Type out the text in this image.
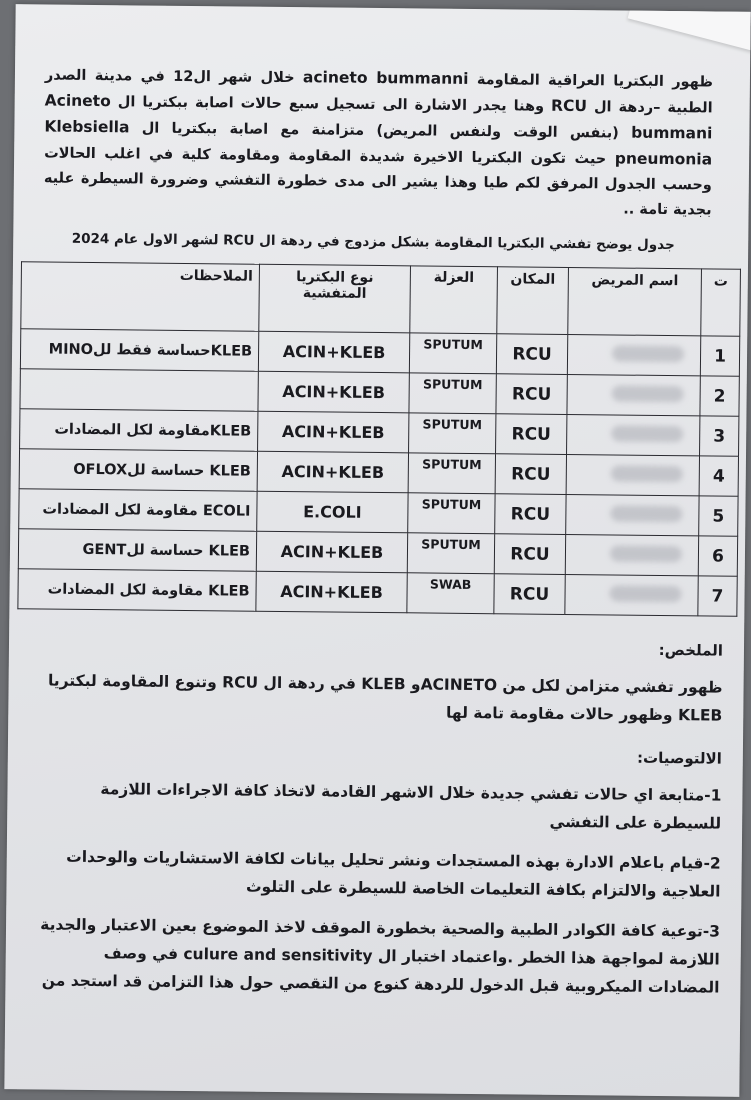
ظهور البكتريا العراقية المقاومة acineto bummanni خلال شهر ال12 في مدينة الصدر الطبية –ردهة ال RCU وهنا يجدر الاشارة الى تسجيل سبع حالات اصابة ببكتريا ال Acineto bummani (بنفس الوقت ولنفس المريض) متزامنة مع اصابة ببكتريا ال Klebsiella pneumonia حيث تكون البكتريا الاخيرة شديدة المقاومة ومقاومة كلية في اغلب الحالات وحسب الجدول المرفق لكم طيا وهذا يشير الى مدى خطورة التفشي وضرورة السيطرة عليه بجدية تامة ..

جدول يوضح تفشي البكتريا المقاومة بشكل مزدوج في ردهة ال RCU لشهر الاول عام 2024
ت	اسم المريض	المكان	العزلة	نوع البكتريا المتفشية	الملاحظات
1		RCU	SPUTUM	ACIN+KLEB	KLEBحساسة فقط للMINO
2		RCU	SPUTUM	ACIN+KLEB	
3		RCU	SPUTUM	ACIN+KLEB	KLEBمقاومة لكل المضادات
4		RCU	SPUTUM	ACIN+KLEB	KLEB حساسة للOFLOX
5		RCU	SPUTUM	E.COLI	ECOLI مقاومة لكل المضادات
6		RCU	SPUTUM	ACIN+KLEB	KLEB حساسة للGENT
7		RCU	SWAB	ACIN+KLEB	KLEB مقاومة لكل المضادات
الملخص:

ظهور تفشي متزامن لكل من ACINETOو KLEB في ردهة ال RCU وتنوع المقاومة لبكتريا KLEB وظهور حالات مقاومة تامة لها

الالتوصيات:

1-متابعة اي حالات تفشي جديدة خلال الاشهر القادمة لاتخاذ كافة الاجراءات اللازمة للسيطرة على التفشي

2-قيام باعلام الادارة بهذه المستجدات ونشر تحليل بيانات لكافة الاستشاريات والوحدات العلاجية والالتزام بكافة التعليمات الخاصة للسيطرة على التلوث

3-توعية كافة الكوادر الطبية والصحية بخطورة الموقف لاخذ الموضوع بعين الاعتبار والجدية اللازمة لمواجهة هذا الخطر .واعتماد اختبار ال culure and sensitivity في وصف المضادات الميكروبية قبل الدخول للردهة كنوع من التقصي حول هذا التزامن قد استجد من
